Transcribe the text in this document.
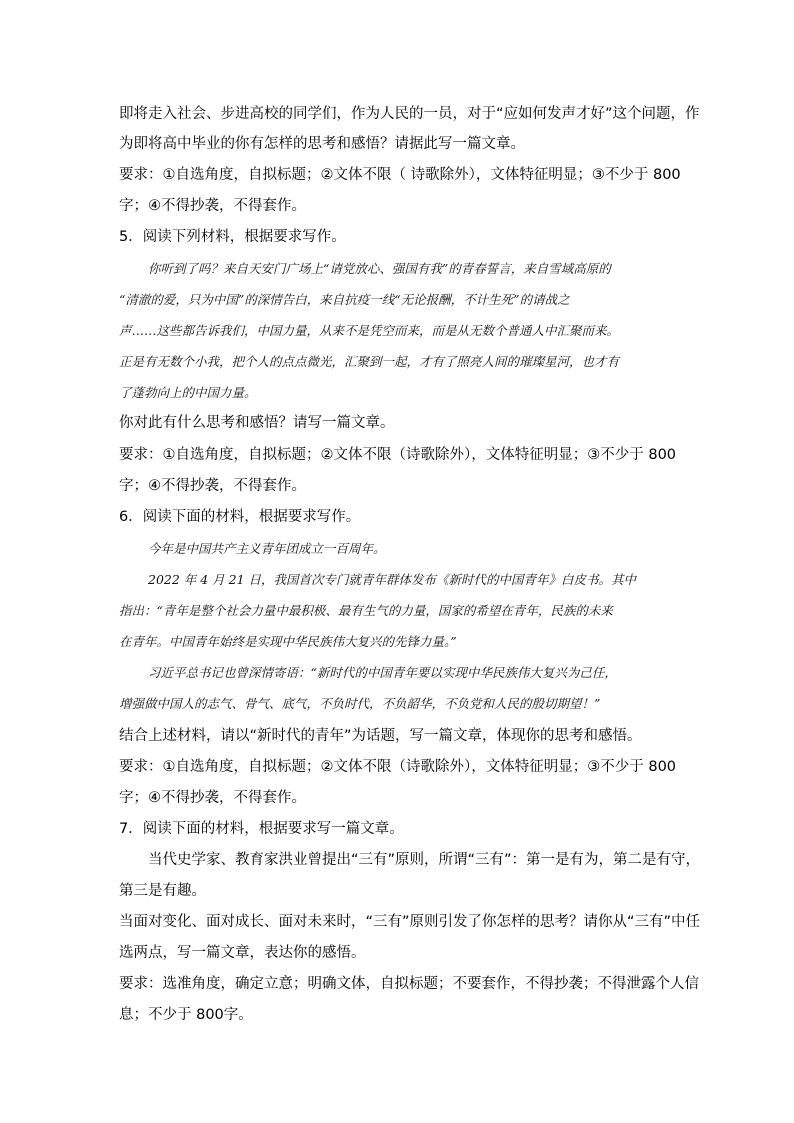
即将走入社会、步进高校的同学们，作为人民的一员，对于“应如何发声才好”这个问题，作
为即将高中毕业的你有怎样的思考和感悟？请据此写一篇文章。
要求：①自选角度，自拟标题；②文体不限（ 诗歌除外），文体特征明显；③不少于 800
字；④不得抄袭，不得套作。
5．阅读下列材料，根据要求写作。
你听到了吗？来自天安门广场上“请党放心、强国有我”的青春誓言，来自雪域高原的
“清澈的爱，只为中国”的深情告白，来自抗疫一线“无论报酬，不计生死”的请战之
声……这些都告诉我们，中国力量，从来不是凭空而来，而是从无数个普通人中汇聚而来。
正是有无数个小我，把个人的点点微光，汇聚到一起，才有了照亮人间的璀璨星河，也才有
了蓬勃向上的中国力量。
你对此有什么思考和感悟？请写一篇文章。
要求：①自选角度，自拟标题；②文体不限（诗歌除外），文体特征明显；③不少于 800
字；④不得抄袭，不得套作。
6．阅读下面的材料，根据要求写作。
今年是中国共产主义青年团成立一百周年。
2022 年 4 月 21 日，我国首次专门就青年群体发布《新时代的中国青年》白皮书。其中
指出：“青年是整个社会力量中最积极、最有生气的力量，国家的希望在青年，民族的未来
在青年。中国青年始终是实现中华民族伟大复兴的先锋力量。”
习近平总书记也曾深情寄语：“新时代的中国青年要以实现中华民族伟大复兴为己任，
增强做中国人的志气、骨气、底气，不负时代，不负韶华，不负党和人民的殷切期望！”
结合上述材料，请以“新时代的青年”为话题，写一篇文章，体现你的思考和感悟。
要求：①自选角度，自拟标题；②文体不限（诗歌除外），文体特征明显；③不少于 800
字；④不得抄袭，不得套作。
7．阅读下面的材料，根据要求写一篇文章。
当代史学家、教育家洪业曾提出“三有”原则，所谓“三有”：第一是有为，第二是有守，
第三是有趣。
当面对变化、面对成长、面对未来时，“三有”原则引发了你怎样的思考？请你从“三有”中任
选两点，写一篇文章，表达你的感悟。
要求：选准角度，确定立意；明确文体，自拟标题；不要套作，不得抄袭；不得泄露个人信
息；不少于 800字。
